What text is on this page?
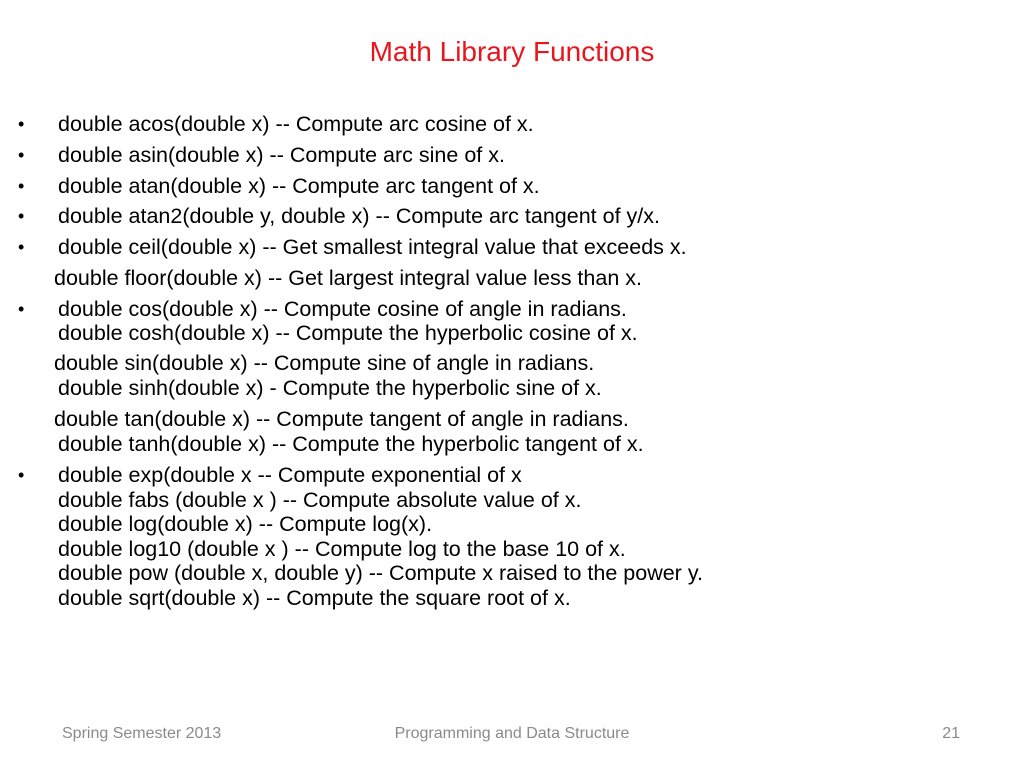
Math Library Functions
• double acos(double x) -- Compute arc cosine of x.
• double asin(double x) -- Compute arc sine of x.
• double atan(double x) -- Compute arc tangent of x.
• double atan2(double y, double x) -- Compute arc tangent of y/x.
• double ceil(double x) -- Get smallest integral value that exceeds x.
double floor(double x) -- Get largest integral value less than x.
• double cos(double x) -- Compute cosine of angle in radians.
double cosh(double x) -- Compute the hyperbolic cosine of x.
double sin(double x) -- Compute sine of angle in radians.
double sinh(double x) - Compute the hyperbolic sine of x.
double tan(double x) -- Compute tangent of angle in radians.
double tanh(double x) -- Compute the hyperbolic tangent of x.
• double exp(double x -- Compute exponential of x
double fabs (double x ) -- Compute absolute value of x.
double log(double x) -- Compute log(x).
double log10 (double x ) -- Compute log to the base 10 of x.
double pow (double x, double y) -- Compute x raised to the power y.
double sqrt(double x) -- Compute the square root of x.
Spring Semester 2013	Programming and Data Structure	21
